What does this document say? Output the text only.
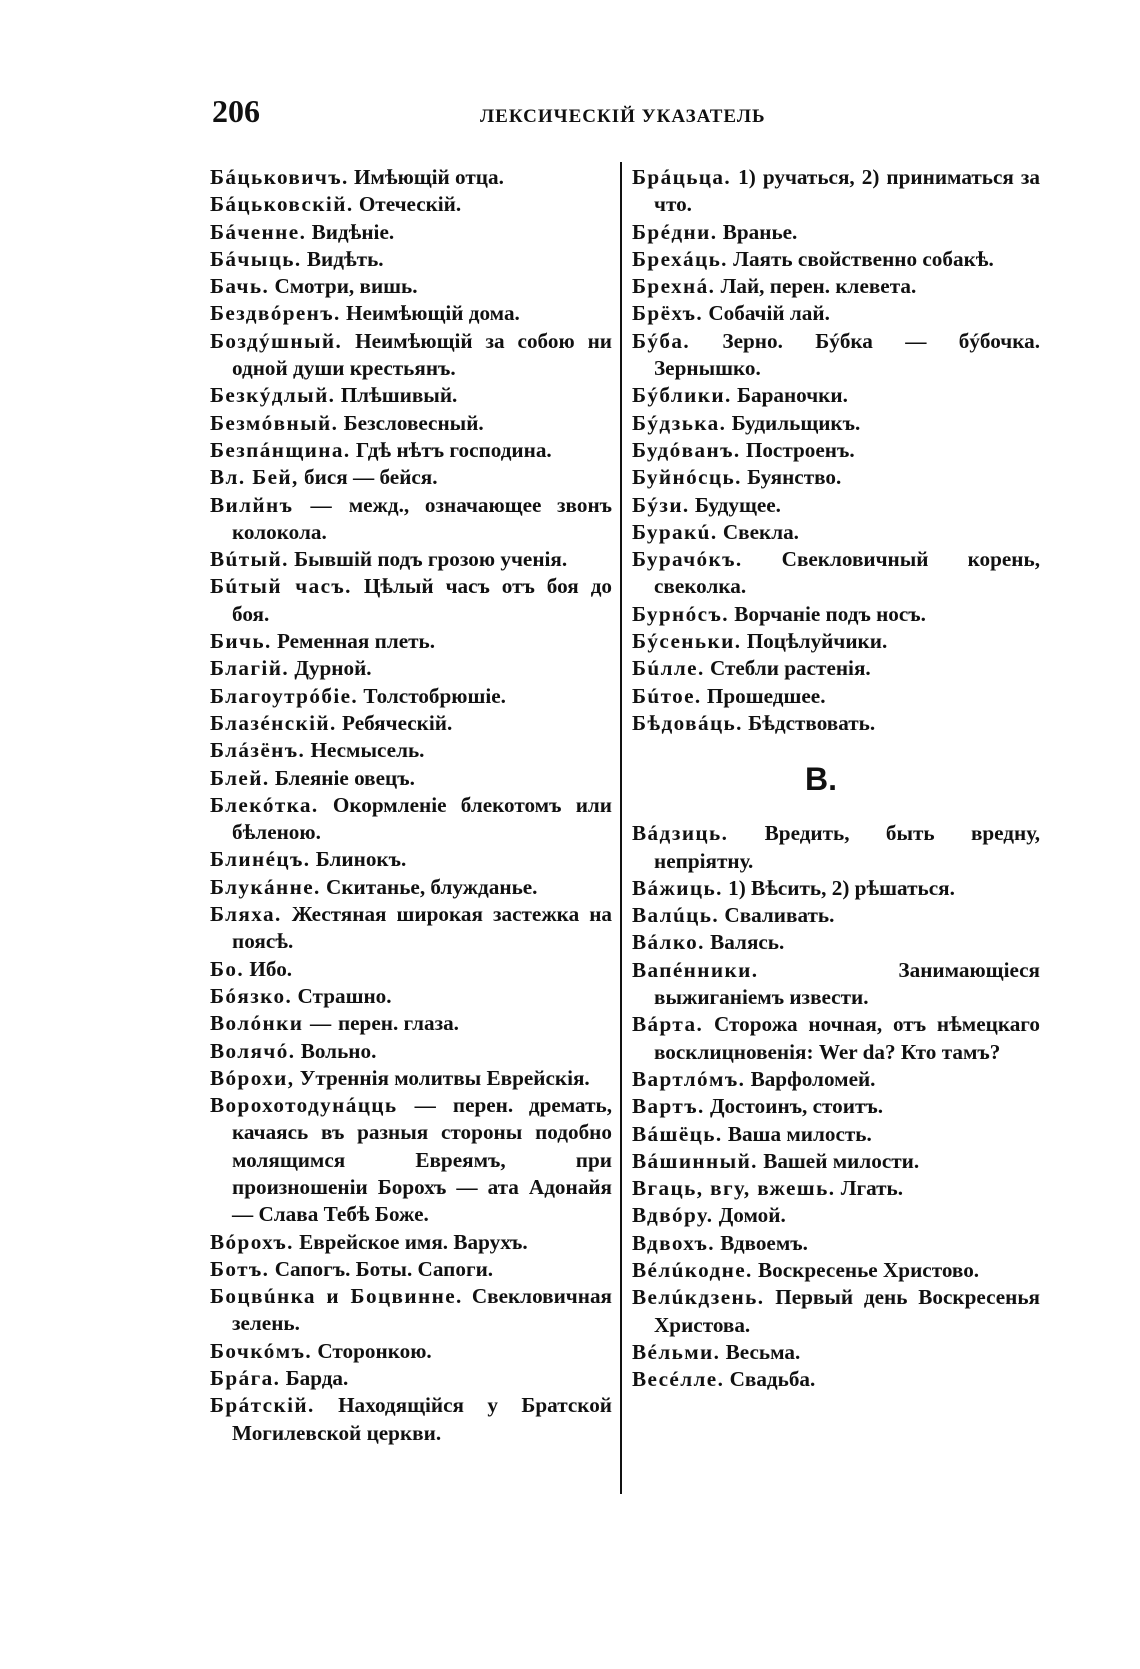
206	ЛЕКСИЧЕСКІЙ УКАЗАТЕЛЬ

Бáцьковичъ. Имѣющій отца.

Бáцьковскій. Отеческій.

Бáченне. Видѣніе.

Бáчыць. Видѣть.

Бачь. Смотри, вишь.

Бездвóренъ. Неимѣющій дома.

Боздýшный. Неимѣющій за собою ни одной души крестьянъ.

Безкýдлый. Плѣшивый.

Безмóвный. Безсловесный.

Безпáнщина. Гдѣ нѣтъ господина.

Вл. Бей, бися — бейся.

Вилйнъ — межд., означающее звонъ колокола.

Вúтый. Бывшій подъ грозою ученія.

Бúтый часъ. Цѣлый часъ отъ боя до боя.

Бичь. Ременная плеть.

Благій. Дурной.

Благоутрóбіе. Толстобрюшіе.

Блазéнскій. Ребяческій.

Блáзёнъ. Несмысель.

Блей. Блеяніе овецъ.

Блекóтка. Окормленіе блекотомъ или бѣленою.

Блинéцъ. Блинокъ.

Блукáнне. Скитанье, блужданье.

Бляха. Жестяная широкая застежка на поясѣ.

Бо. Ибо.

Бóязко. Страшно.

Волóнки — перен. глаза.

Волячó. Вольно.

Вóрохи, Утреннія молитвы Еврейскія.

Ворохотодунáцць — перен. дремать, качаясь въ разныя стороны подобно молящимся Евреямъ, при произношеніи Борохъ — ата Адонайя — Слава Тебѣ Боже.

Вóрохъ. Еврейское имя. Варухъ.

Ботъ. Сапогъ. Боты. Сапоги.

Боцвúнка и Боцвинне. Свекловичная зелень.

Бочкóмъ. Сторонкою.

Брáга. Барда.

Брáтскій. Находящійся у Братской Могилевской церкви.

Брáцьца. 1) ручаться, 2) приниматься за что.

Брéдни. Вранье.

Брехáць. Лаять свойственно собакѣ.

Брехнá. Лай, перен. клевета.

Брёхъ. Собачій лай.

Бýба. Зерно. Бýбка — бýбочка. Зернышко.

Бýблики. Бараночки.

Бýдзька. Будильщикъ.

Будóванъ. Построенъ.

Буйнóсць. Буянство.

Бýзи. Будущее.

Буракú. Свекла.

Бурачóкъ. Свекловичный корень, свеколка.

Бурнóсъ. Ворчаніе подъ носъ.

Бýсеньки. Поцѣлуйчики.

Бúлле. Стебли растенія.

Бúтое. Прошедшее.

Бѣдовáць. Бѣдствовать.

В.

Вáдзиць. Вредить, быть вредну, непріятну.

Вáжиць. 1) Вѣсить, 2) рѣшаться.

Валúць. Сваливать.

Вáлко. Валясь.

Вапéнники.	Занимающіеся выжиганіемъ извести.

Вáрта. Сторожа ночная, отъ нѣмецкаго восклицновенія: Wer da? Кто тамъ?

Вартлóмъ. Варфоломей.

Вартъ. Достоинъ, стоитъ.

Вáшёць. Ваша милость.

Вáшинный. Вашей милости.

Вгаць, вгу, вжешь. Лгать.

Вдвóру. Домой.

Вдвохъ. Вдвоемъ.

Вéлúкодне. Воскресенье Христово.

Велúкдзень. Первый день Воскресенья Христова.

Вéльми. Весьма.

Весéлле. Свадьба.
